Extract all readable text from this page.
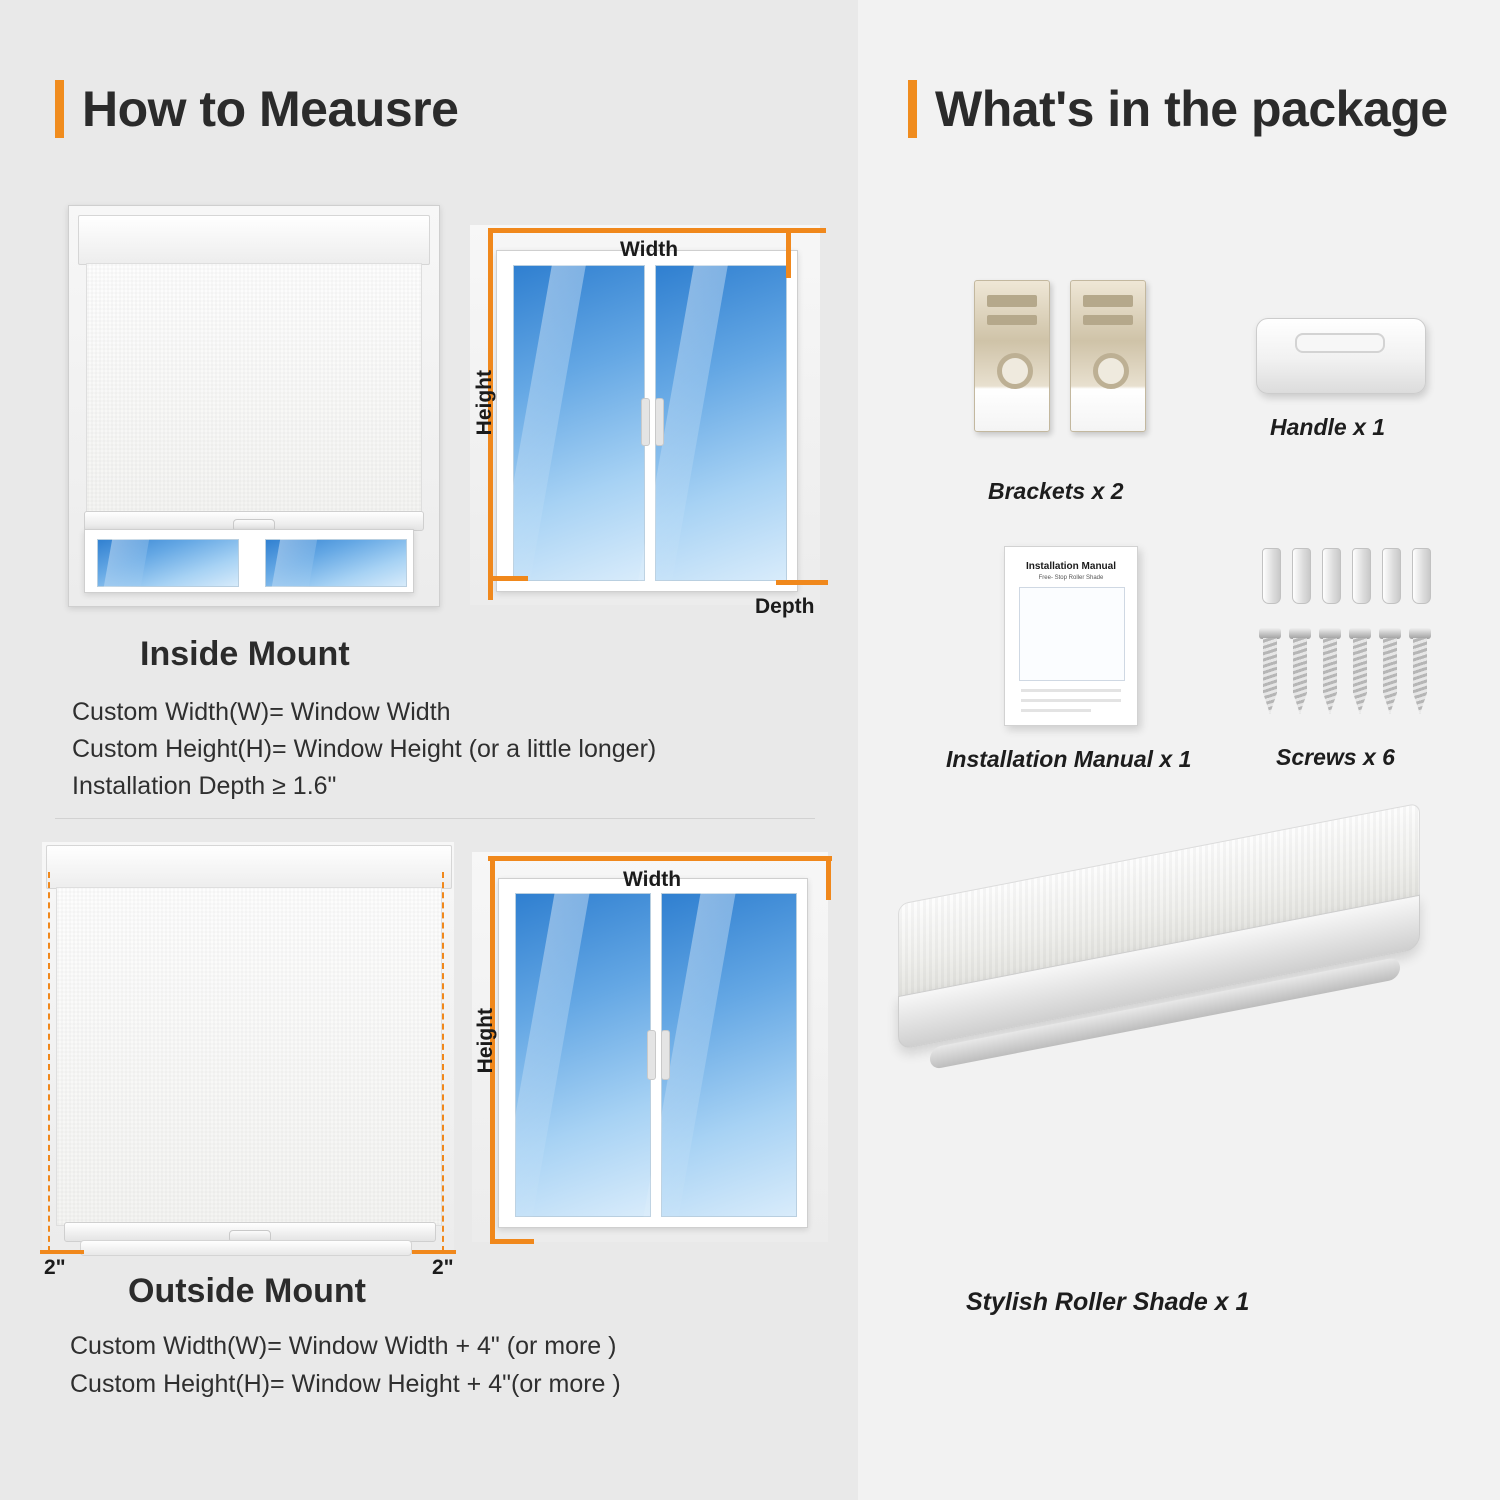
How to Meausre
Width
Height
Depth
Inside Mount
Custom Width(W)= Window Width
Custom Height(H)= Window Height (or a little longer)
Installation Depth ≥ 1.6"
2"	2"
Width
Height
Outside Mount
Custom Width(W)= Window Width + 4" (or more )
Custom Height(H)= Window Height + 4"(or more )
What's in the package
Brackets x 2
Handle x 1
Installation Manual
Free- Stop Roller Shade
Installation Manual x 1	Screws x 6
Stylish Roller Shade x 1
